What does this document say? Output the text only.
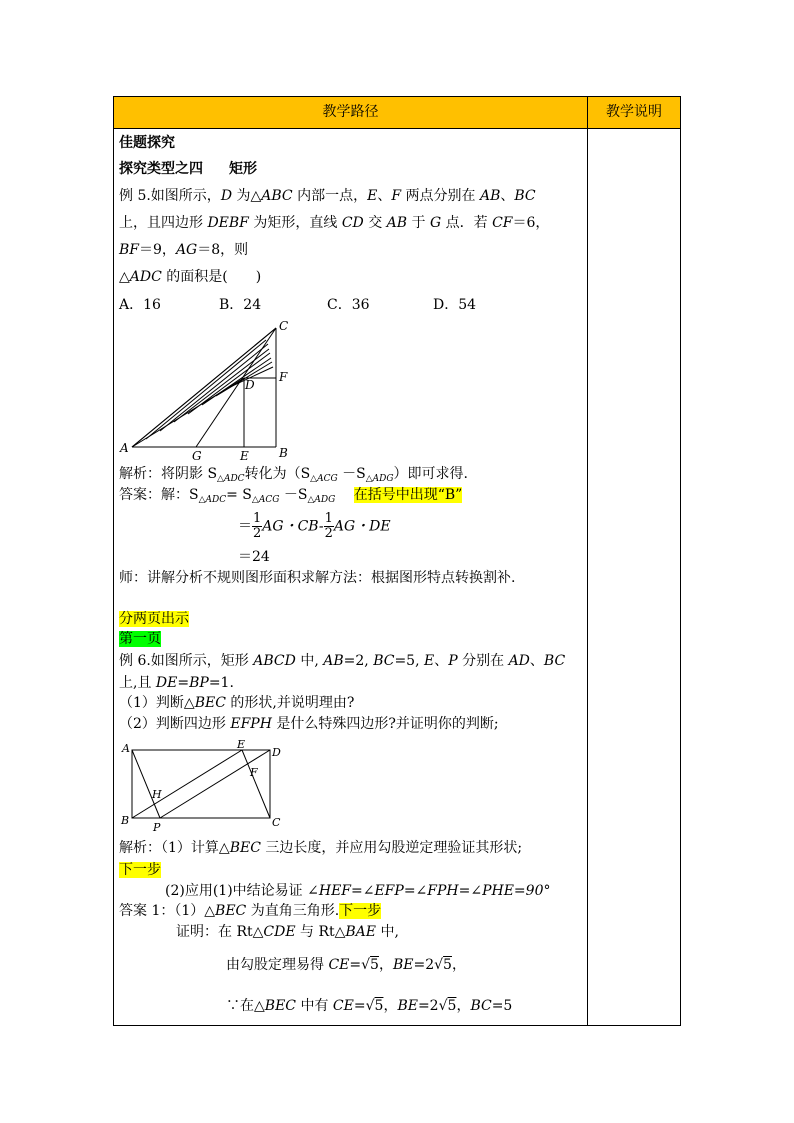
教学路径	教学说明
佳题探究
探究类型之四 矩形
例 5.如图所示，D 为△ABC 内部一点，E、F 两点分别在 AB、BC
上，且四边形 DEBF 为矩形，直线 CD 交 AB 于 G 点．若 CF＝6，
BF＝9，AG＝8，则
△ADC 的面积是(　　)
A．16	B．24	C．36	D．54
A	B
C
D
E
F
G
解析：将阴影 $S_{\triangle ADC}$转化为$(S_{\triangle ACG} -S_{\triangle ADG})$即可求得.
答案：解：$S_{\triangle ADC}= S_{\triangle ACG} -S_{\triangle ADG}$ 在括号中出现“B”
＝ $\frac{1}{2}$ AG・$CB- \frac{1}{2}$ AG・DE
＝24
师：讲解分析不规则图形面积求解方法：根据图形特点转换割补.
分两页出示
第一页
例 6.如图所示，矩形 ABCD 中, AB=2, BC=5, E、P 分别在 AD、BC
上,且 DE=BP=1.
（1）判断△BEC 的形状,并说明理由?
（2）判断四边形 EFPH 是什么特殊四边形?并证明你的判断;
A
B	C
D
E
F
H
P
解析：（1）计算△BEC 三边长度，并应用勾股逆定理验证其形状;
下一步
(2)应用(1)中结论易证 ∠HEF=∠EFP=∠FPH=∠PHE=90°
答案 1：（1）△BEC 为直角三角形.下一步
证明：在 Rt△CDE 与 Rt△BAE 中,
由勾股定理易得 CE=√5，BE=2√5，
∵在△BEC 中有 CE=√5，BE=2√5，BC=5
